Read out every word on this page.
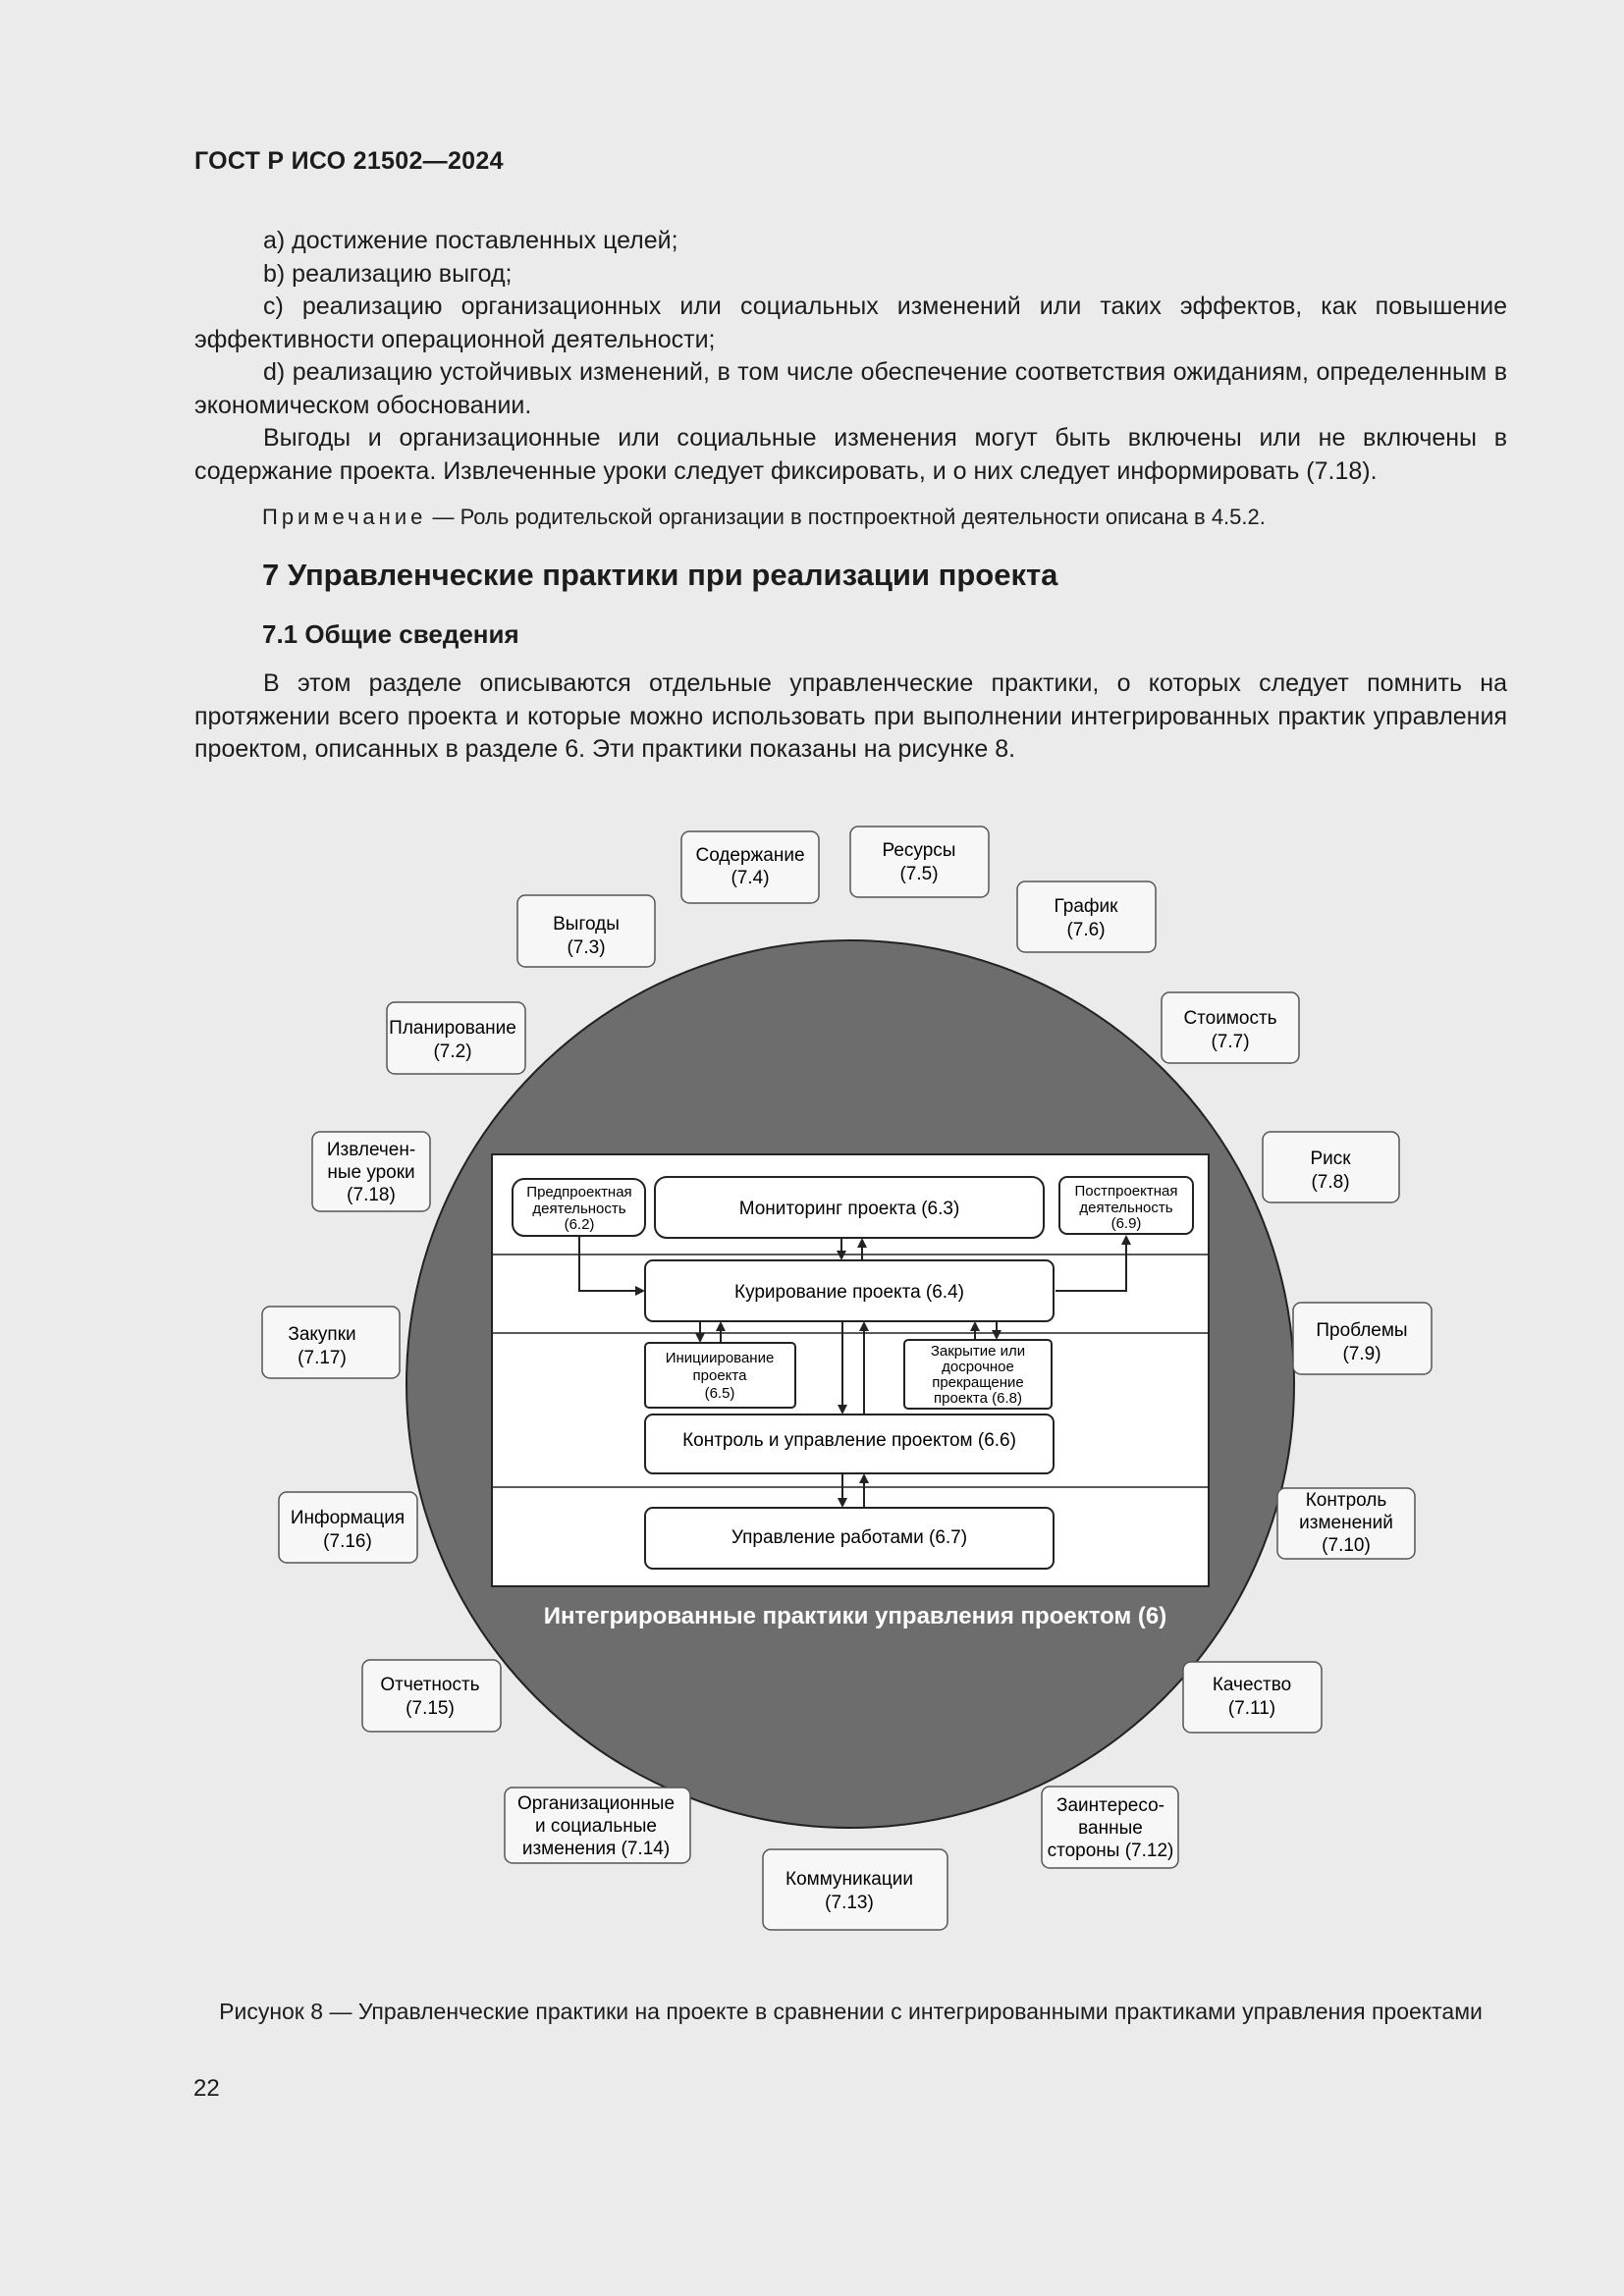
ГОСТ Р ИСО 21502—2024

a) достижение поставленных целей;

b) реализацию выгод;

c) реализацию организационных или социальных изменений или таких эффектов, как повышение эффективности операционной деятельности;

d) реализацию устойчивых изменений, в том числе обеспечение соответствия ожиданиям, определенным в экономическом обосновании.

Выгоды и организационные или социальные изменения могут быть включены или не включены в содержание проекта. Извлеченные уроки следует фиксировать, и о них следует информировать (7.18).

Примечание — Роль родительской организации в постпроектной деятельности описана в 4.5.2.
7 Управленческие практики при реализации проекта
7.1 Общие сведения

В этом разделе описываются отдельные управленческие практики, о которых следует помнить на протяжении всего проекта и которые можно использовать при выполнении интегрированных практик управления проектом, описанных в разделе 6. Эти практики показаны на рисунке 8.

Предпроектная
деятельность
(6.2)
Мониторинг проекта (6.3)
Постпроектная
деятельность
(6.9)
Курирование проекта (6.4)
Инициирование
проекта
(6.5)
Закрытие или
досрочное
прекращение
проекта (6.8)
Контроль и управление проектом (6.6)
Управление работами (6.7)
Интегрированные практики управления проектом (6)
Содержание
(7.4)
Ресурсы
(7.5)
График
(7.6)
Стоимость
(7.7)
Риск
(7.8)
Проблемы
(7.9)
Контроль
изменений
(7.10)
Качество
(7.11)
Заинтересо-
ванные
стороны (7.12)
Коммуникации
(7.13)
Организационные
и социальные
изменения (7.14)
Отчетность
(7.15)
Информация
(7.16)
Закупки
(7.17)
Извлечен-
ные уроки
(7.18)
Планирование
(7.2)
Выгоды
(7.3)
Рисунок 8 — Управленческие практики на проекте в сравнении с интегрированными практиками управления проектами
22
